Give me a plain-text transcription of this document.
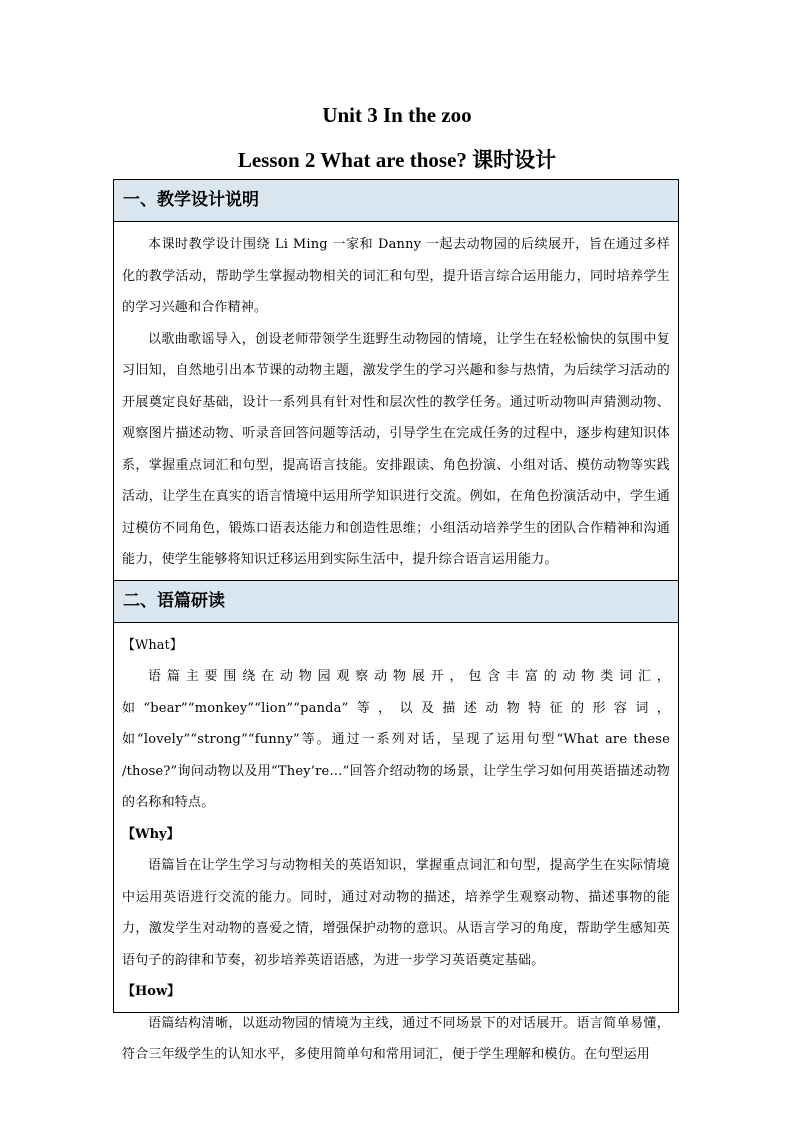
Unit 3 In the zoo
Lesson 2 What are those? 课时设计
一、教学设计说明

本课时教学设计围绕 Li Ming 一家和 Danny 一起去动物园的后续展开，旨在通过多样化的教学活动，帮助学生掌握动物相关的词汇和句型，提升语言综合运用能力，同时培养学生的学习兴趣和合作精神。

以歌曲歌谣导入，创设老师带领学生逛野生动物园的情境，让学生在轻松愉快的氛围中复习旧知，自然地引出本节课的动物主题，激发学生的学习兴趣和参与热情，为后续学习活动的开展奠定良好基础，设计一系列具有针对性和层次性的教学任务。通过听动物叫声猜测动物、观察图片描述动物、听录音回答问题等活动，引导学生在完成任务的过程中，逐步构建知识体系，掌握重点词汇和句型，提高语言技能。安排跟读、角色扮演、小组对话、模仿动物等实践活动，让学生在真实的语言情境中运用所学知识进行交流。例如，在角色扮演活动中，学生通过模仿不同角色，锻炼口语表达能力和创造性思维；小组活动培养学生的团队合作精神和沟通能力，使学生能够将知识迁移运用到实际生活中，提升综合语言运用能力。

二、语篇研读

【What】

语篇主要围绕在动物园观察动物展开，包含丰富的动物类词汇，如“bear”“monkey”“lion”“panda”等，以及描述动物特征的形容词，如“lovely”“strong”“funny”等。通过一系列对话，呈现了运用句型“What are these /those?”询问动物以及用“They’re…”回答介绍动物的场景，让学生学习如何用英语描述动物的名称和特点。

【Why】

语篇旨在让学生学习与动物相关的英语知识，掌握重点词汇和句型，提高学生在实际情境中运用英语进行交流的能力。同时，通过对动物的描述，培养学生观察动物、描述事物的能力，激发学生对动物的喜爱之情，增强保护动物的意识。从语言学习的角度，帮助学生感知英语句子的韵律和节奏，初步培养英语语感，为进一步学习英语奠定基础。

【How】

语篇结构清晰，以逛动物园的情境为主线，通过不同场景下的对话展开。语言简单易懂，符合三年级学生的认知水平，多使用简单句和常用词汇，便于学生理解和模仿。在句型运用
